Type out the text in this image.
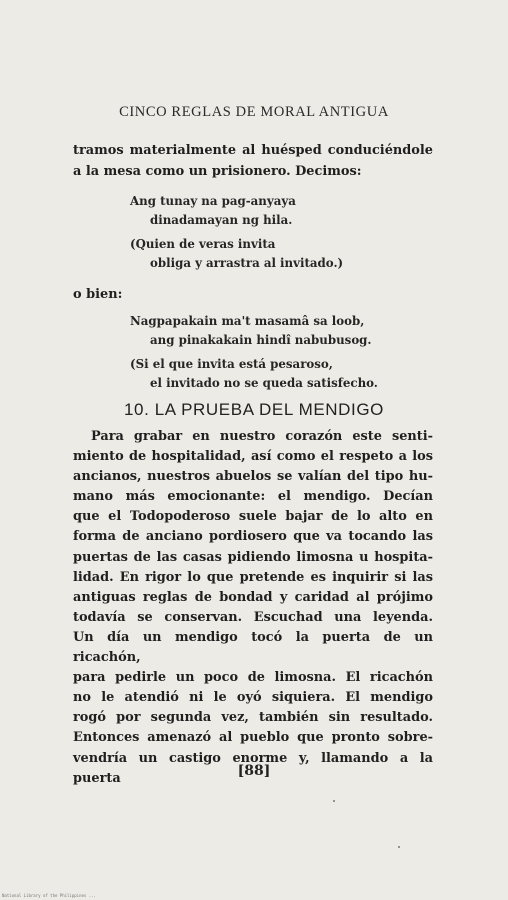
CINCO REGLAS DE MORAL ANTIGUA
tramos materialmente al huésped conduciéndole
a la mesa como un prisionero. Decimos:
Ang tunay na pag-anyaya
dinadamayan ng hila.
(Quien de veras invita
obliga y arrastra al invitado.)
o bien:
Nagpapakain ma't masamâ sa loob,
ang pinakakain hindî nabubusog.
(Si el que invita está pesaroso,
el invitado no se queda satisfecho.
10. LA PRUEBA DEL MENDIGO
Para grabar en nuestro corazón este senti-
miento de hospitalidad, así como el respeto a los
ancianos, nuestros abuelos se valían del tipo hu-
mano más emocionante: el mendigo. Decían
que el Todopoderoso suele bajar de lo alto en
forma de anciano pordiosero que va tocando las
puertas de las casas pidiendo limosna u hospita-
lidad. En rigor lo que pretende es inquirir si las
antiguas reglas de bondad y caridad al prójimo
todavía se conservan. Escuchad una leyenda.
Un día un mendigo tocó la puerta de un ricachón,
para pedirle un poco de limosna. El ricachón
no le atendió ni le oyó siquiera. El mendigo
rogó por segunda vez, también sin resultado.
Entonces amenazó al pueblo que pronto sobre-
vendría un castigo enorme y, llamando a la puerta	[88]
National Library of the Philippines ...
